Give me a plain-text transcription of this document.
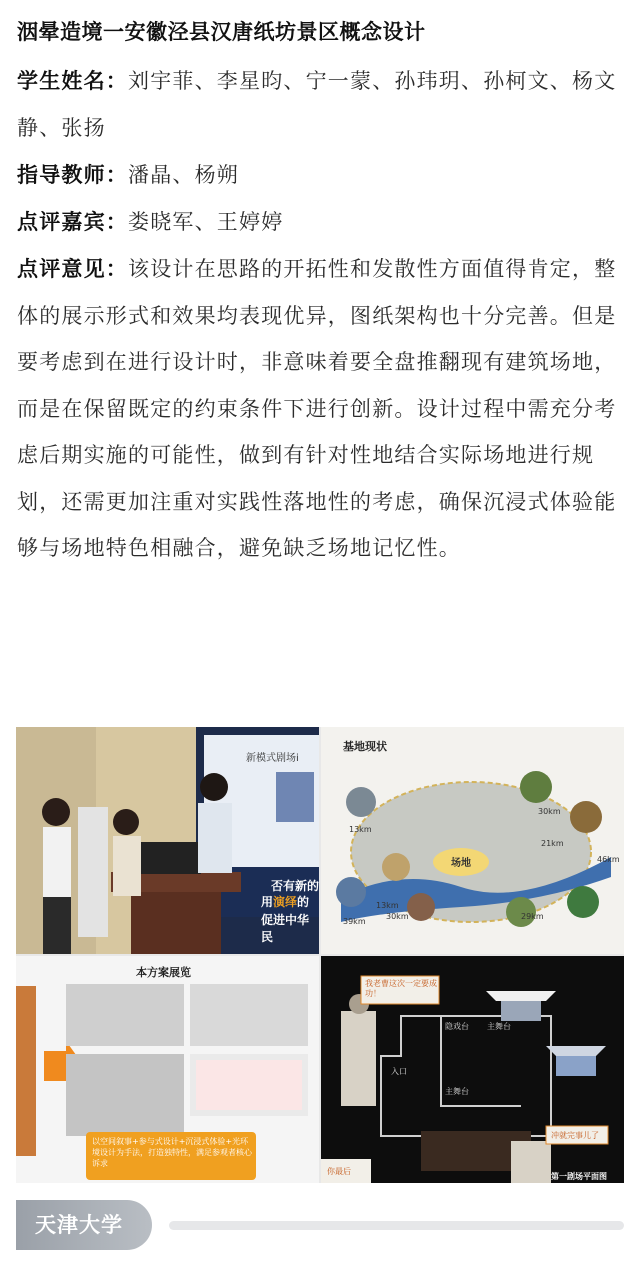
洇晕造境一安徽泾县汉唐纸坊景区概念设计

学生姓名：刘宇菲、李星昀、宁一蒙、孙玮玥、孙柯文、杨文静、张扬

指导教师：潘晶、杨朔

点评嘉宾：娄晓军、王婷婷

点评意见：该设计在思路的开拓性和发散性方面值得肯定，整体的展示形式和效果均表现优异，图纸架构也十分完善。但是要考虑到在进行设计时，非意味着要全盘推翻现有建筑场地，而是在保留既定的约束条件下进行创新。设计过程中需充分考虑后期实施的可能性，做到有针对性地结合实际场地进行规划，还需更加注重对实践性落地性的考虑，确保沉浸式体验能够与场地特色相融合，避免缺乏场地记忆性。

新模式剧场i
否有新的
用演绎的
促进中华民
基地现状
场地
30km
13km
21km
46km
13km
30km
39km
29km
本方案展览
以空间叙事+参与式设计+沉浸式体验+光环境设计为手法，打造独特性，满足参观者核心诉求
我老曹这次一定要成功！
冲就完事儿了
你最后
主舞台
隐戏台
入口
主舞台
第一剧场平面图
天津大学
